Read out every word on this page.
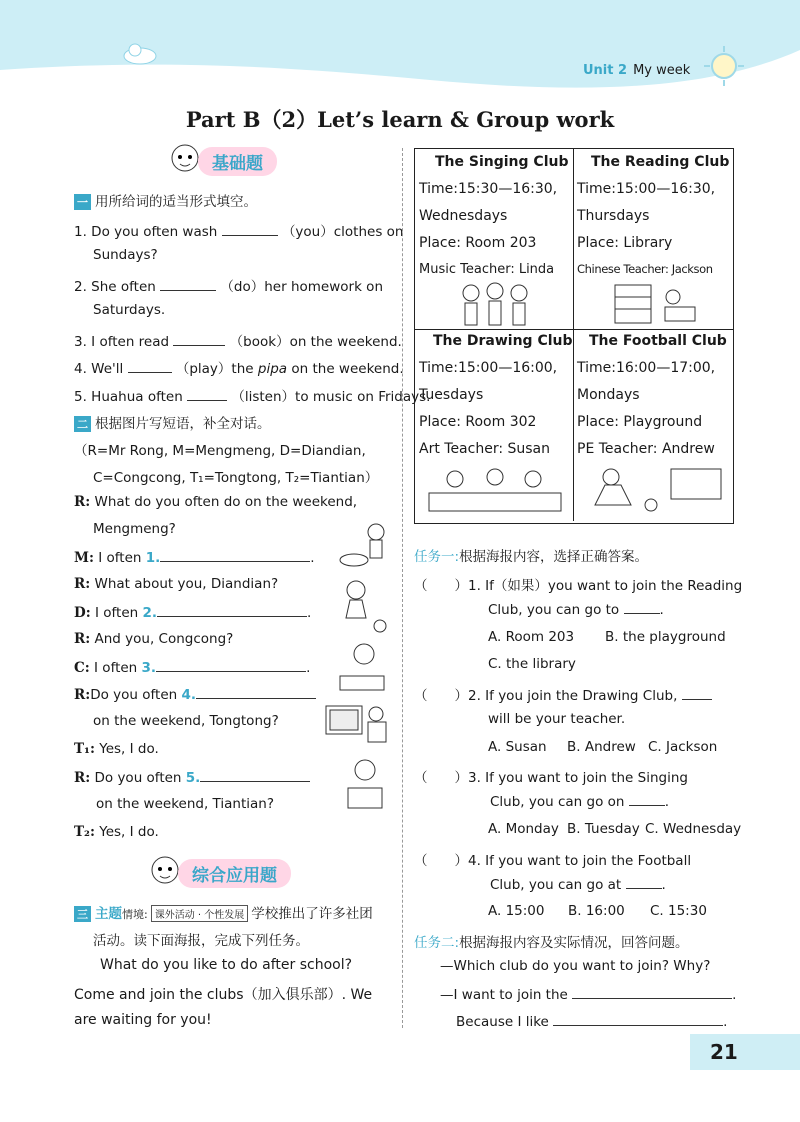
Unit 2 My week
Part B（2）Let’s learn & Group work
基础题
一 用所给词的适当形式填空。
1. Do you often wash	（you）clothes on
Sundays?
2. She often	（do）her homework on
Saturdays.
3. I often read	（book）on the weekend.
4. We'll	（play）the pipa on the weekend.
5. Huahua often	（listen）to music on Fridays.
二 根据图片写短语，补全对话。
（R=Mr Rong, M=Mengmeng, D=Diandian,
C=Congcong, T₁=Tongtong, T₂=Tiantian）
R: What do you often do on the weekend,
Mengmeng?
M: I often 1.	.
R: What about you, Diandian?
D: I often 2.	.
R: And you, Congcong?
C: I often 3.	.
R:Do you often 4.
on the weekend, Tongtong?
T₁: Yes, I do.
R: Do you often 5.
on the weekend, Tiantian?
T₂: Yes, I do.
综合应用题
三 主题情境: 课外活动 · 个性发展 学校推出了许多社团
活动。读下面海报，完成下列任务。
What do you like to do after school?
Come and join the clubs（加入俱乐部）. We
are waiting for you!
The Singing Club
Time:15:30—16:30,
Wednesdays
Place: Room 203
Music Teacher: Linda
The Reading Club
Time:15:00—16:30,
Thursdays
Place: Library
Chinese Teacher: Jackson
The Drawing Club
Time:15:00—16:00,
Tuesdays
Place: Room 302
Art Teacher: Susan
The Football Club
Time:16:00—17:00,
Mondays
Place: Playground
PE Teacher: Andrew
任务一:根据海报内容，选择正确答案。
（　　）1. If（如果）you want to join the Reading
Club, you can go to	.
A. Room 203 B. the playground
C. the library
（　　）2. If you join the Drawing Club,
will be your teacher.
A. Susan B. Andrew C. Jackson
（　　）3. If you want to join the Singing
Club, you can go on	.
A. Monday B. Tuesday C. Wednesday
（　　）4. If you want to join the Football
Club, you can go at	.
A. 15:00 B. 16:00 C. 15:30
任务二:根据海报内容及实际情况，回答问题。
—Which club do you want to join? Why?
—I want to join the	.
Because I like	.
21
